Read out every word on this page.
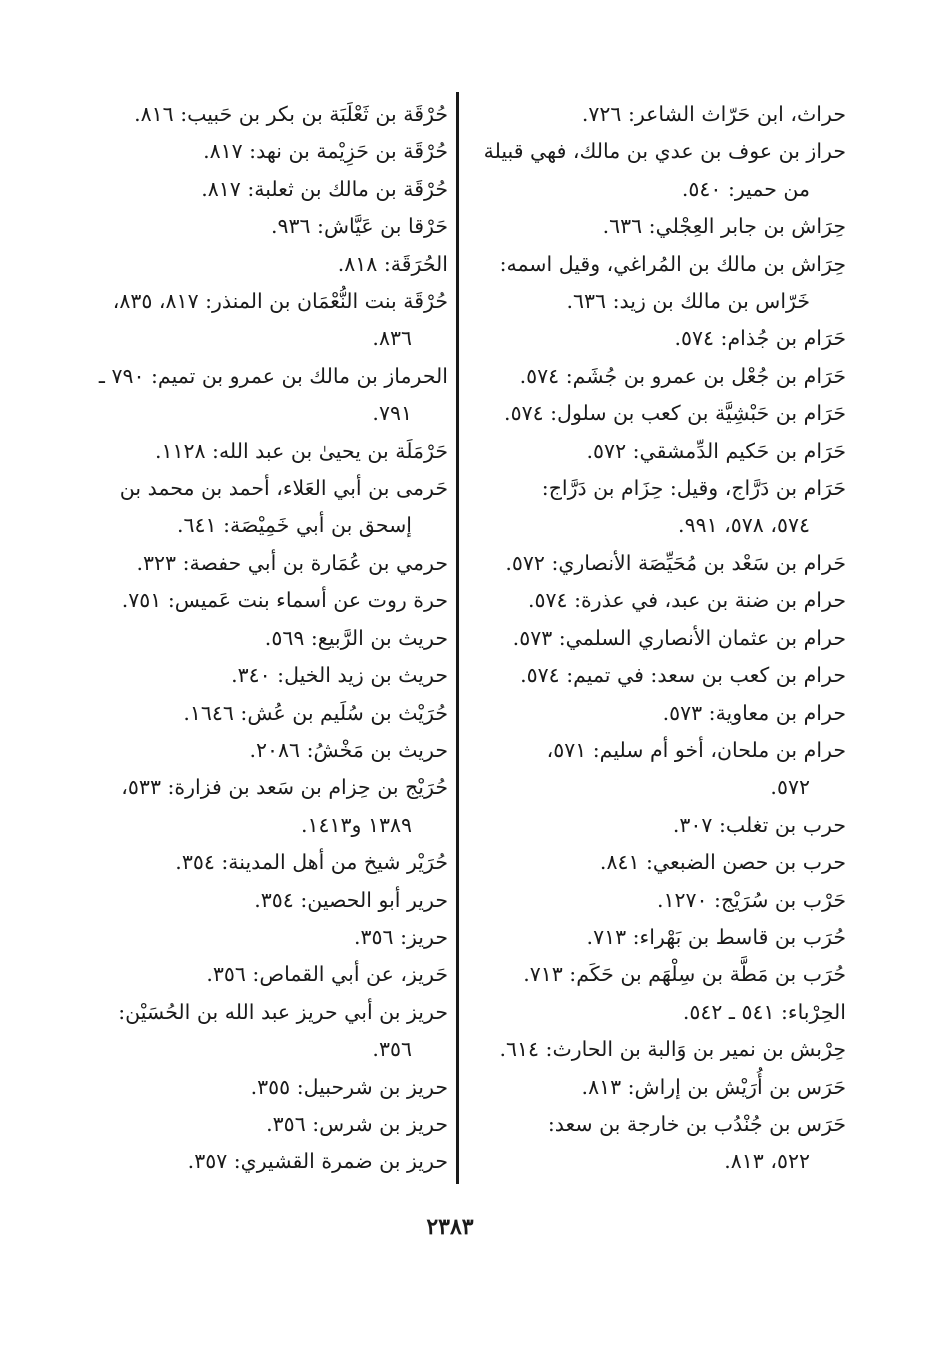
حراث، ابن حَرّاث الشاعر: ٧٢٦.
حراز بن عوف بن عدي بن مالك، فهي قبيلة
من حمير: ٥٤٠.
حِرَاش بن جابر العِجْلي: ٦٣٦.
حِرَاش بن مالك بن المُراغي، وقيل اسمه:
خَرّاس بن مالك بن زيد: ٦٣٦.
حَرَام بن جُذام: ٥٧٤.
حَرَام بن جُعْل بن عمرو بن جُشَم: ٥٧٤.
حَرَام بن حَبْشِيَّة بن كعب بن سلول: ٥٧٤.
حَرَام بن حَكيم الدِّمشقي: ٥٧٢.
حَرَام بن دَرَّاج، وقيل: حِزَام بن دَرَّاج:
٥٧٤، ٥٧٨، ٩٩١.
حَرام بن سَعْد بن مُحَيِّصَة الأنصاري: ٥٧٢.
حرام بن ضنة بن عبد، في عذرة: ٥٧٤.
حرام بن عثمان الأنصاري السلمي: ٥٧٣.
حرام بن كعب بن سعد: في تميم: ٥٧٤.
حرام بن معاوية: ٥٧٣.
حرام بن ملحان، أخو أم سليم: ٥٧١،
٥٧٢.
حرب بن تغلب: ٣٠٧.
حرب بن حصن الضبعي: ٨٤١.
حَرْب بن سُرَيْج: ١٢٧٠.
حُرَب بن قاسط بن بَهْراء: ٧١٣.
حُرَب بن مَطَّة بن سِلْهَم بن حَكَم: ٧١٣.
الحِرْباء: ٥٤١ ـ ٥٤٢.
حِرْبش بن نمير بن وَالبة بن الحارث: ٦١٤.
حَرَس بن أُرَيْش بن إراش: ٨١٣.
حَرَس بن جُنْدُب بن خارجة بن سعد:
٥٢٢، ٨١٣.
حُرْقَة بن ثَعْلَبَة بن بكر بن حَبيب: ٨١٦.
حُرْقَة بن حَزِيْمة بن نهد: ٨١٧.
حُرْقَة بن مالك بن ثعلبة: ٨١٧.
حَرْقا بن عَيَّاش: ٩٣٦.
الحُرَقَة: ٨١٨.
حُرْقَة بنت النُّعْمَان بن المنذر: ٨١٧، ٨٣٥،
٨٣٦.
الحرماز بن مالك بن عمرو بن تميم: ٧٩٠ ـ
٧٩١.
حَرْمَلَة بن يحيىٰ بن عبد الله: ١١٢٨.
حَرمى بن أبي العَلاء، أحمد بن محمد بن
إسحق بن أبي خَمِيْصَة: ٦٤١.
حرمي بن عُمَارة بن أبي حفصة: ٣٢٣.
حرة روت عن أسماء بنت عَميس: ٧٥١.
حريث بن الرَّبيع: ٥٦٩.
حريث بن زيد الخيل: ٣٤٠.
حُرَيْث بن سُلَيم بن عُش: ١٦٤٦.
حريث بن مَخْشُ: ٢٠٨٦.
حُرَيْج بن حِزام بن سَعد بن فزارة: ٥٣٣،
١٣٨٩ و١٤١٣.
حُرَيْر شيخ من أهل المدينة: ٣٥٤.
حرير أبو الحصين: ٣٥٤.
حريز: ٣٥٦.
حَريز، عن أبي القماص: ٣٥٦.
حريز بن أبي حريز عبد الله بن الحُسَيْن:
٣٥٦.
حريز بن شرحبيل: ٣٥٥.
حريز بن شرس: ٣٥٦.
حريز بن ضمرة القشيري: ٣٥٧.
٢٣٨٣
